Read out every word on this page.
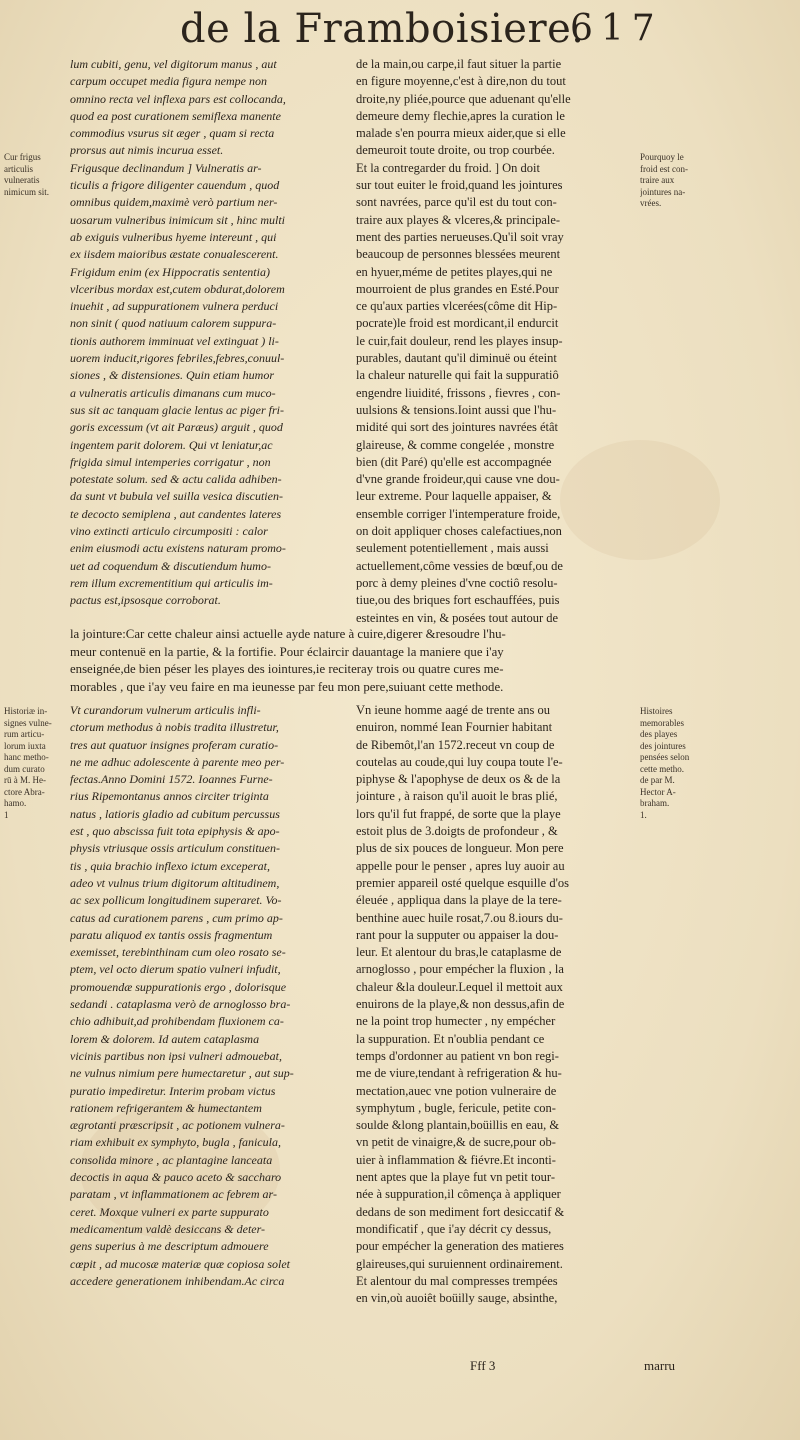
de la Framboisiere.
617

lum cubiti, genu, vel digitorum manus , aut

carpum occupet media figura nempe non

omnino recta vel inflexa pars est collocanda,

quod ea post curationem semiflexa manente

commodius vsurus sit æger , quam si recta

prorsus aut nimis incurua esset.

Frigusque declinandum ] Vulneratis ar-

ticulis a frigore diligenter cauendum , quod

omnibus quidem,maximè verò partium ner-

uosarum vulneribus inimicum sit , hinc multi

ab exiguis vulneribus hyeme intereunt , qui

ex iisdem maioribus æstate conualescerent.

Frigidum enim (ex Hippocratis sententia)

vlceribus mordax est,cutem obdurat,dolorem

inuehit , ad suppurationem vulnera perduci

non sinit ( quod natiuum calorem suppura-

tionis authorem imminuat vel extinguat ) li-

uorem inducit,rigores febriles,febres,conuul-

siones , & distensiones. Quin etiam humor

a vulneratis articulis dimanans cum muco-

sus sit ac tanquam glacie lentus ac piger fri-

goris excessum (vt ait Paræus) arguit , quod

ingentem parit dolorem. Qui vt leniatur,ac

frigida simul intemperies corrigatur , non

potestate solum. sed & actu calida adhiben-

da sunt vt bubula vel suilla vesica discutien-

te decocto semiplena , aut candentes lateres

vino extincti articulo circumpositi : calor

enim eiusmodi actu existens naturam promo-

uet ad coquendum & discutiendum humo-

rem illum excrementitium qui articulis im-

pactus est,ipsosque corroborat.

de la main,ou carpe,il faut situer la partie

en figure moyenne,c'est à dire,non du tout

droite,ny pliée,pource que aduenant qu'elle

demeure demy flechie,apres la curation le

malade s'en pourra mieux aider,que si elle

demeuroit toute droite, ou trop courbée.

Et la contregarder du froid. ] On doit

sur tout euiter le froid,quand les jointures

sont navrées, parce qu'il est du tout con-

traire aux playes & vlceres,& principale-

ment des parties nerueuses.Qu'il soit vray

beaucoup de personnes blessées meurent

en hyuer,méme de petites playes,qui ne

mourroient de plus grandes en Esté.Pour

ce qu'aux parties vlcerées(côme dit Hip-

pocrate)le froid est mordicant,il endurcit

le cuir,fait douleur, rend les playes insup-

purables, dautant qu'il diminuë ou éteint

la chaleur naturelle qui fait la suppuratiô

engendre liuidité, frissons , fievres , con-

uulsions & tensions.Ioint aussi que l'hu-

midité qui sort des jointures navrées étât

glaireuse, & comme congelée , monstre

bien (dit Paré) qu'elle est accompagnée

d'vne grande froideur,qui cause vne dou-

leur extreme. Pour laquelle appaiser, &

ensemble corriger l'intemperature froide,

on doit appliquer choses calefactiues,non

seulement potentiellement , mais aussi

actuellement,côme vessies de bœuf,ou de

porc à demy pleines d'vne coctiô resolu-

tiue,ou des briques fort eschauffées, puis

esteintes en vin, & posées tout autour de

la jointure:Car cette chaleur ainsi actuelle ayde nature à cuire,digerer &resoudre l'hu-

meur contenuë en la partie, & la fortifie. Pour éclaircir dauantage la maniere que i'ay

enseignée,de bien péser les playes des iointures,ie reciteray trois ou quatre cures me-

morables , que i'ay veu faire en ma ieunesse par feu mon pere,suiuant cette methode.

Vt curandorum vulnerum articulis infli-

ctorum methodus à nobis tradita illustretur,

tres aut quatuor insignes proferam curatio-

ne me adhuc adolescente à parente meo per-

fectas.Anno Domini 1572. Ioannes Furne-

rius Ripemontanus annos circiter triginta

natus , latioris gladio ad cubitum percussus

est , quo abscissa fuit tota epiphysis & apo-

physis vtriusque ossis articulum constituen-

tis , quia brachio inflexo ictum exceperat,

adeo vt vulnus trium digitorum altitudinem,

ac sex pollicum longitudinem superaret. Vo-

catus ad curationem parens , cum primo ap-

paratu aliquod ex tantis ossis fragmentum

exemisset, terebinthinam cum oleo rosato se-

ptem, vel octo dierum spatio vulneri infudit,

promouendæ suppurationis ergo , dolorisque

sedandi . cataplasma verò de arnoglosso bra-

chio adhibuit,ad prohibendam fluxionem ca-

lorem & dolorem. Id autem cataplasma

vicinis partibus non ipsi vulneri admouebat,

ne vulnus nimium pere humectaretur , aut sup-

puratio impediretur. Interim probam victus

rationem refrigerantem & humectantem

ægrotanti præscripsit , ac potionem vulnera-

riam exhibuit ex symphyto, bugla , fanicula,

consolida minore , ac plantagine lanceata

decoctis in aqua & pauco aceto & saccharo

paratam , vt inflammationem ac febrem ar-

ceret. Moxque vulneri ex parte suppurato

medicamentum valdè desiccans & deter-

gens superius à me descriptum admouere

cœpit , ad mucosæ materiæ quæ copiosa solet

accedere generationem inhibendam.Ac circa

Vn ieune homme aagé de trente ans ou

enuiron, nommé Iean Fournier habitant

de Ribemôt,l'an 1572.receut vn coup de

coutelas au coude,qui luy coupa toute l'e-

piphyse & l'apophyse de deux os & de la

jointure , à raison qu'il auoit le bras plié,

lors qu'il fut frappé, de sorte que la playe

estoit plus de 3.doigts de profondeur , &

plus de six pouces de longueur. Mon pere

appelle pour le penser , apres luy auoir au

premier appareil osté quelque esquille d'os

éleuée , appliqua dans la playe de la tere-

benthine auec huile rosat,7.ou 8.iours du-

rant pour la supputer ou appaiser la dou-

leur. Et alentour du bras,le cataplasme de

arnoglosso , pour empécher la fluxion , la

chaleur &la douleur.Lequel il mettoit aux

enuirons de la playe,& non dessus,afin de

ne la point trop humecter , ny empécher

la suppuration. Et n'oublia pendant ce

temps d'ordonner au patient vn bon regi-

me de viure,tendant à refrigeration & hu-

mectation,auec vne potion vulneraire de

symphytum , bugle, fericule, petite con-

soulde &long plantain,boüillis en eau, &

vn petit de vinaigre,& de sucre,pour ob-

uier à inflammation & fiévre.Et inconti-

nent aptes que la playe fut vn petit tour-

née à suppuration,il cômença à appliquer

dedans de son mediment fort desiccatif &

mondificatif , que i'ay décrit cy dessus,

pour empécher la generation des matieres

glaireuses,qui suruiennent ordinairement.

Et alentour du mal compresses trempées

en vin,où auoiêt boüilly sauge, absinthe,

Cur frigus

articulis

vulneratis

nimicum sit.

Pourquoy le

froid est con-

traire aux

jointures na-

vrées.

Historiæ in-

signes vulne-

rum articu-

lorum iuxta

hanc metho-

dum curato

rū à M. He-

ctore Abra-

hamo.

1

Histoires

memorables

des playes

des jointures

pensées selon

cette metho.

de par M.

Hector A-

braham.

1.

Fff 3	marru
